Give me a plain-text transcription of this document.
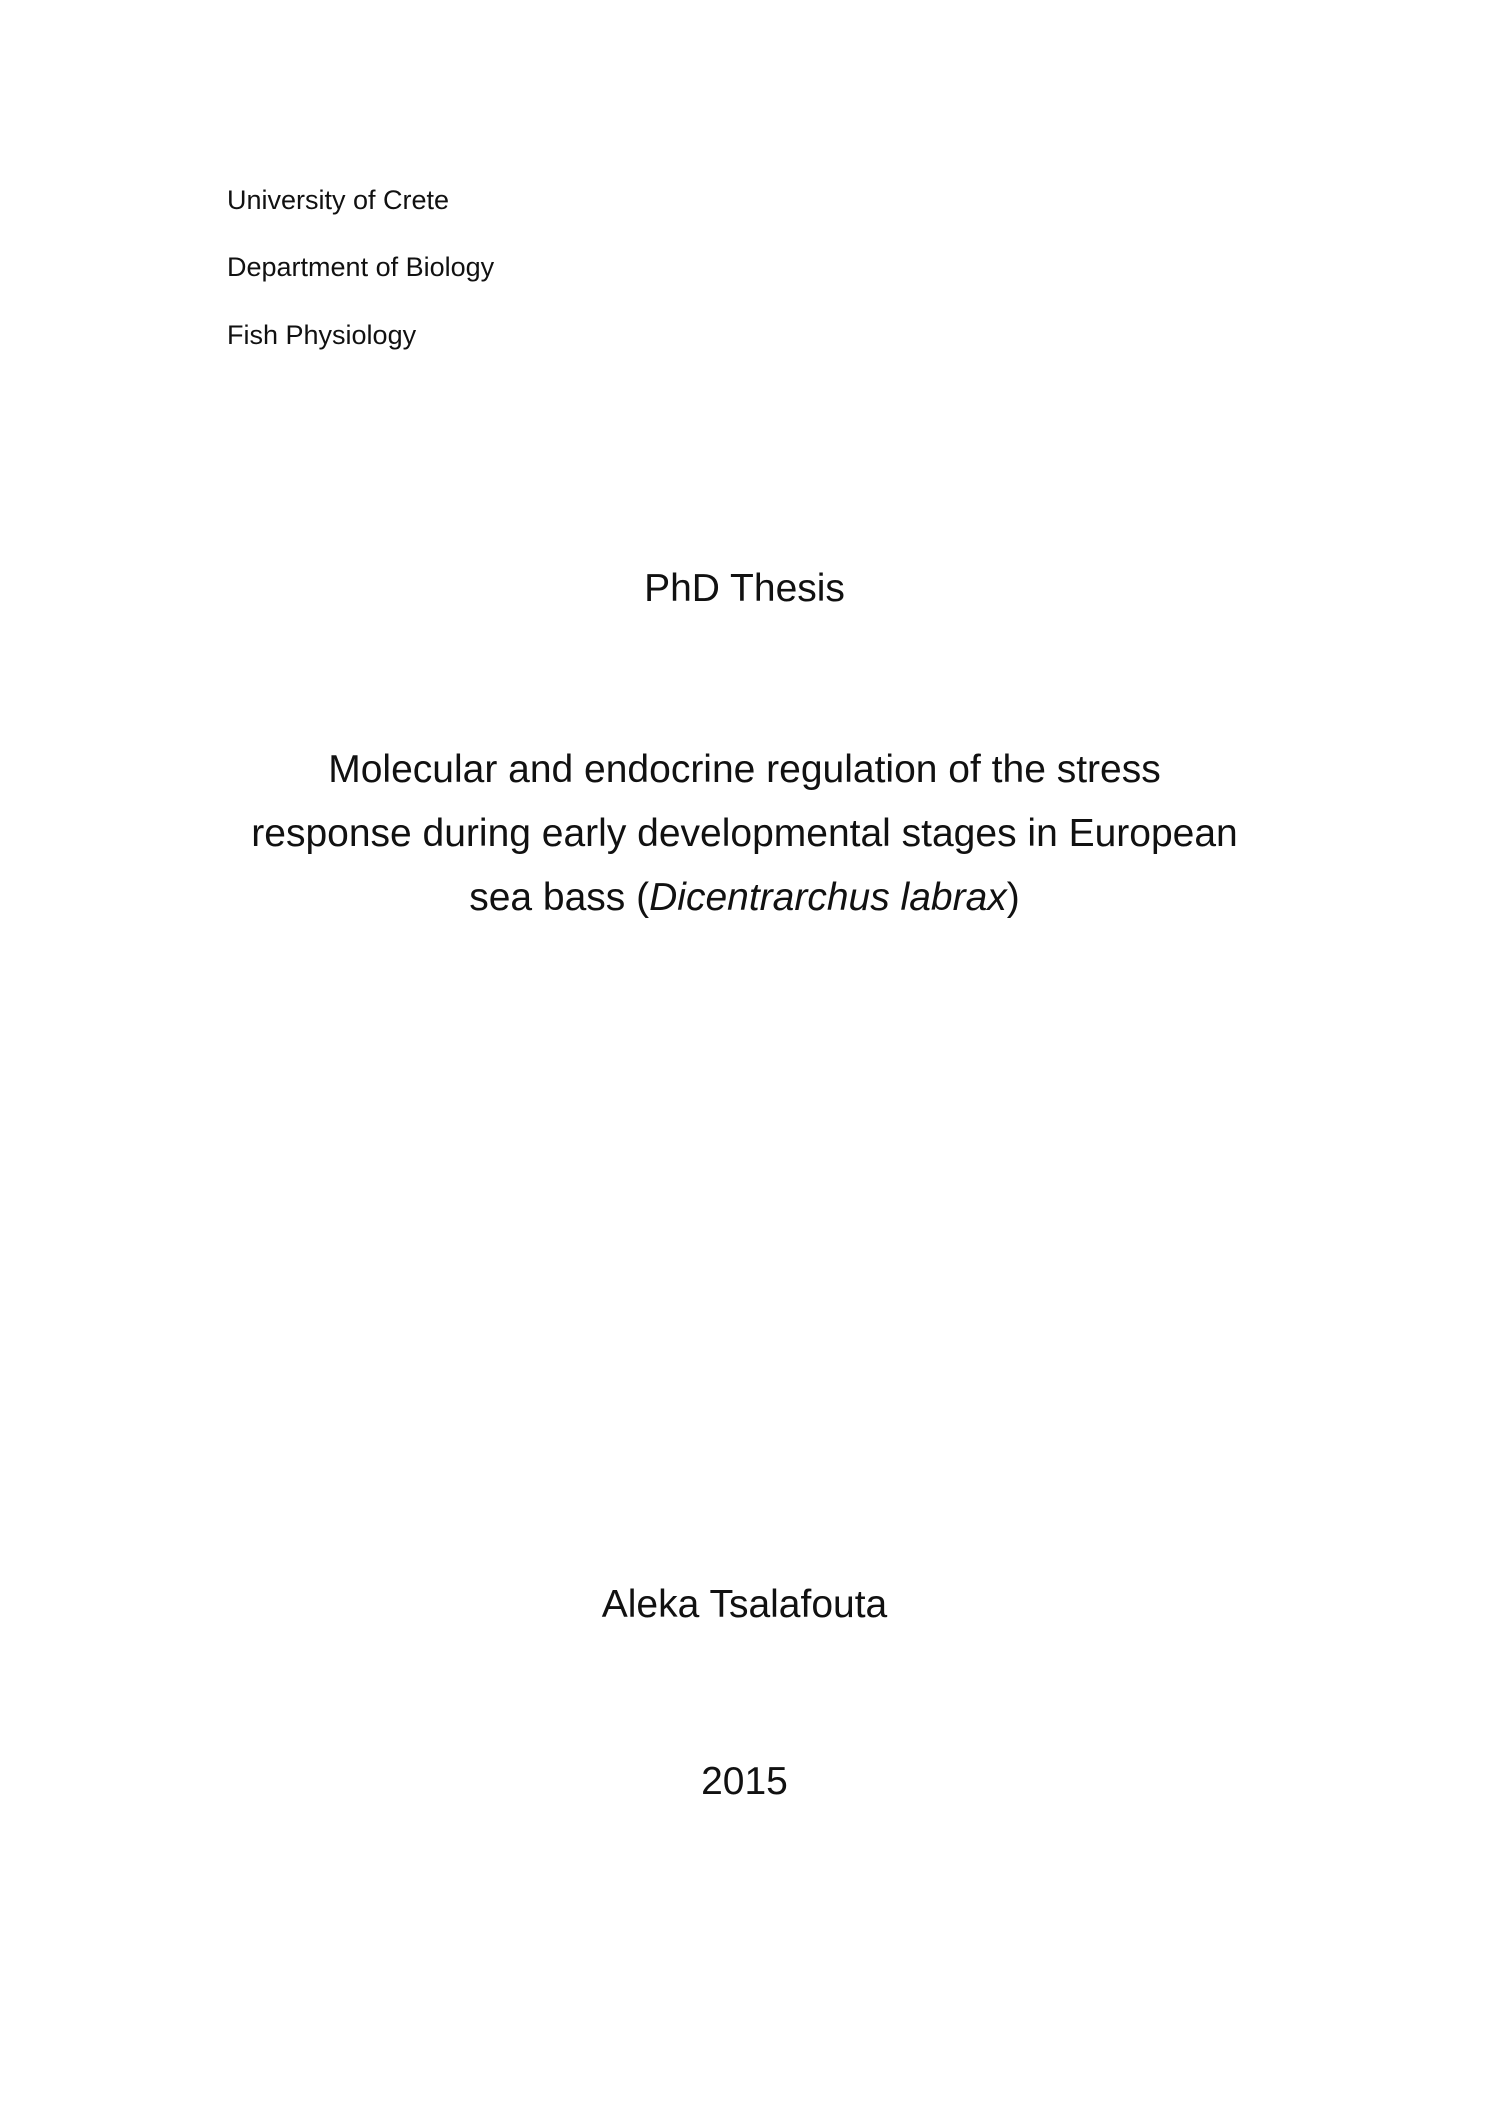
University of Crete
Department of Biology
Fish Physiology
PhD Thesis
Molecular and endocrine regulation of the stress
response during early developmental stages in European
sea bass (Dicentrarchus labrax)
Aleka Tsalafouta
2015
